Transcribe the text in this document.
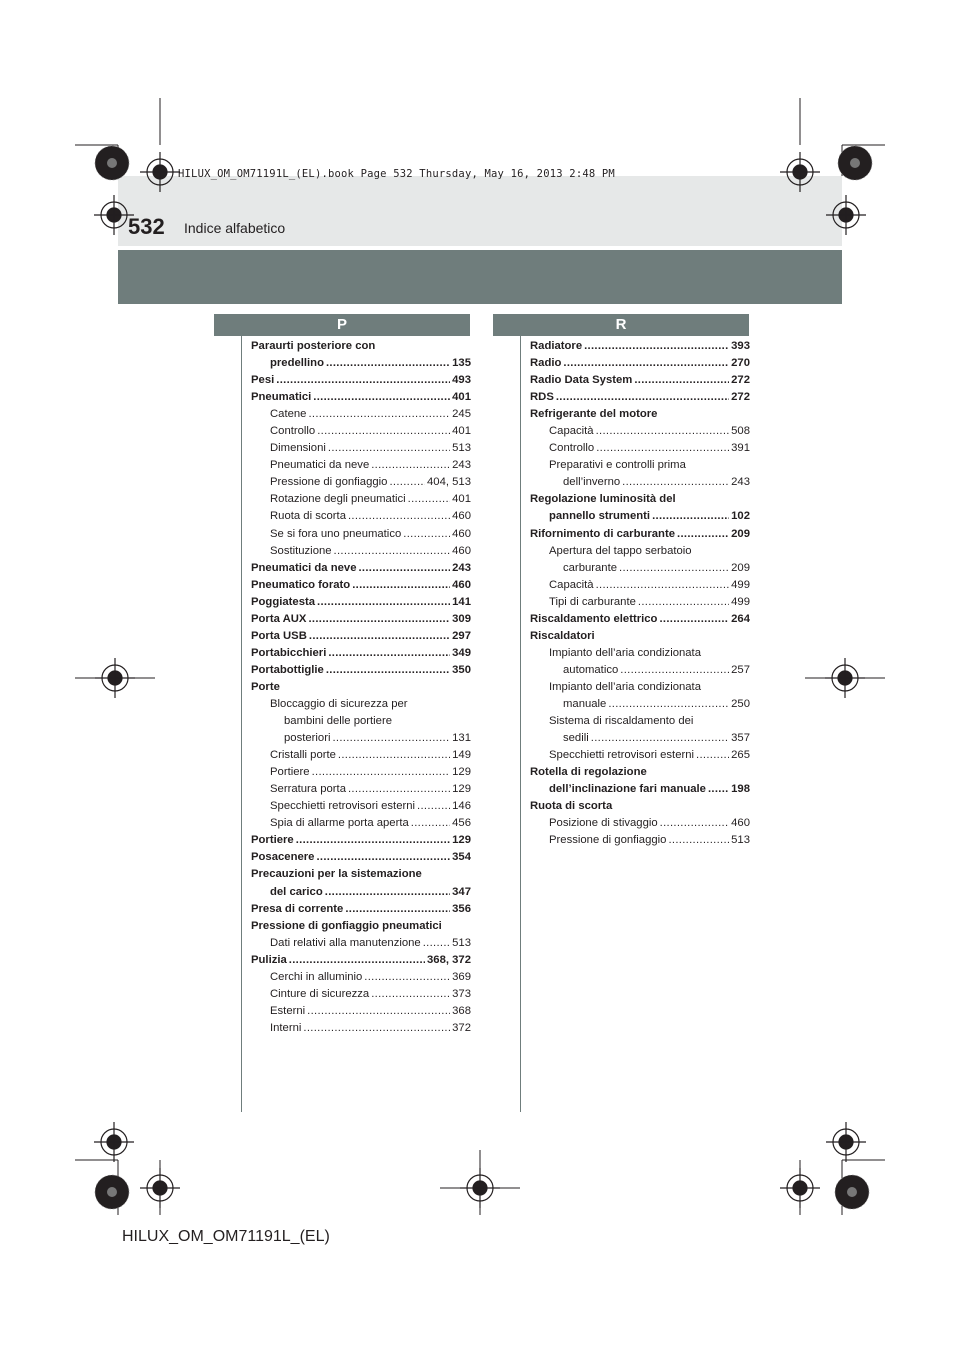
532 Indice alfabetico
HILUX_OM_OM71191L_(EL).book Page 532 Thursday, May 16, 2013 2:48 PM
P	R
Paraurti posteriore con
predellino .....	135
Pesi .....	493
Pneumatici .....	401
Catene .....	245
Controllo .....	401
Dimensioni .....	513
Pneumatici da neve .....	243
Pressione di gonfiaggio .....	404, 513
Rotazione degli pneumatici .....	401
Ruota di scorta .....	460
Se si fora uno pneumatico .....	460
Sostituzione .....	460
Pneumatici da neve .....	243
Pneumatico forato .....	460
Poggiatesta .....	141
Porta AUX .....	309
Porta USB .....	297
Portabicchieri .....	349
Portabottiglie .....	350
Porte
Bloccaggio di sicurezza per
bambini delle portiere
posteriori .....	131
Cristalli porte .....	149
Portiere .....	129
Serratura porta .....	129
Specchietti retrovisori esterni .....	146
Spia di allarme porta aperta .....	456
Portiere .....	129
Posacenere .....	354
Precauzioni per la sistemazione
del carico .....	347
Presa di corrente .....	356
Pressione di gonfiaggio pneumatici
Dati relativi alla manutenzione .....	513
Pulizia .....	368, 372
Cerchi in alluminio .....	369
Cinture di sicurezza .....	373
Esterni .....	368
Interni .....	372
Radiatore .....	393
Radio .....	270
Radio Data System .....	272
RDS .....	272
Refrigerante del motore
Capacità .....	508
Controllo .....	391
Preparativi e controlli prima
dell’inverno .....	243
Regolazione luminosità del
pannello strumenti .....	102
Rifornimento di carburante .....	209
Apertura del tappo serbatoio
carburante .....	209
Capacità .....	499
Tipi di carburante .....	499
Riscaldamento elettrico .....	264
Riscaldatori
Impianto dell’aria condizionata
automatico .....	257
Impianto dell’aria condizionata
manuale .....	250
Sistema di riscaldamento dei
sedili .....	357
Specchietti retrovisori esterni .....	265
Rotella di regolazione
dell’inclinazione fari manuale ..... 198
Ruota di scorta
Posizione di stivaggio .....	460
Pressione di gonfiaggio .....	513
HILUX_OM_OM71191L_(EL)
